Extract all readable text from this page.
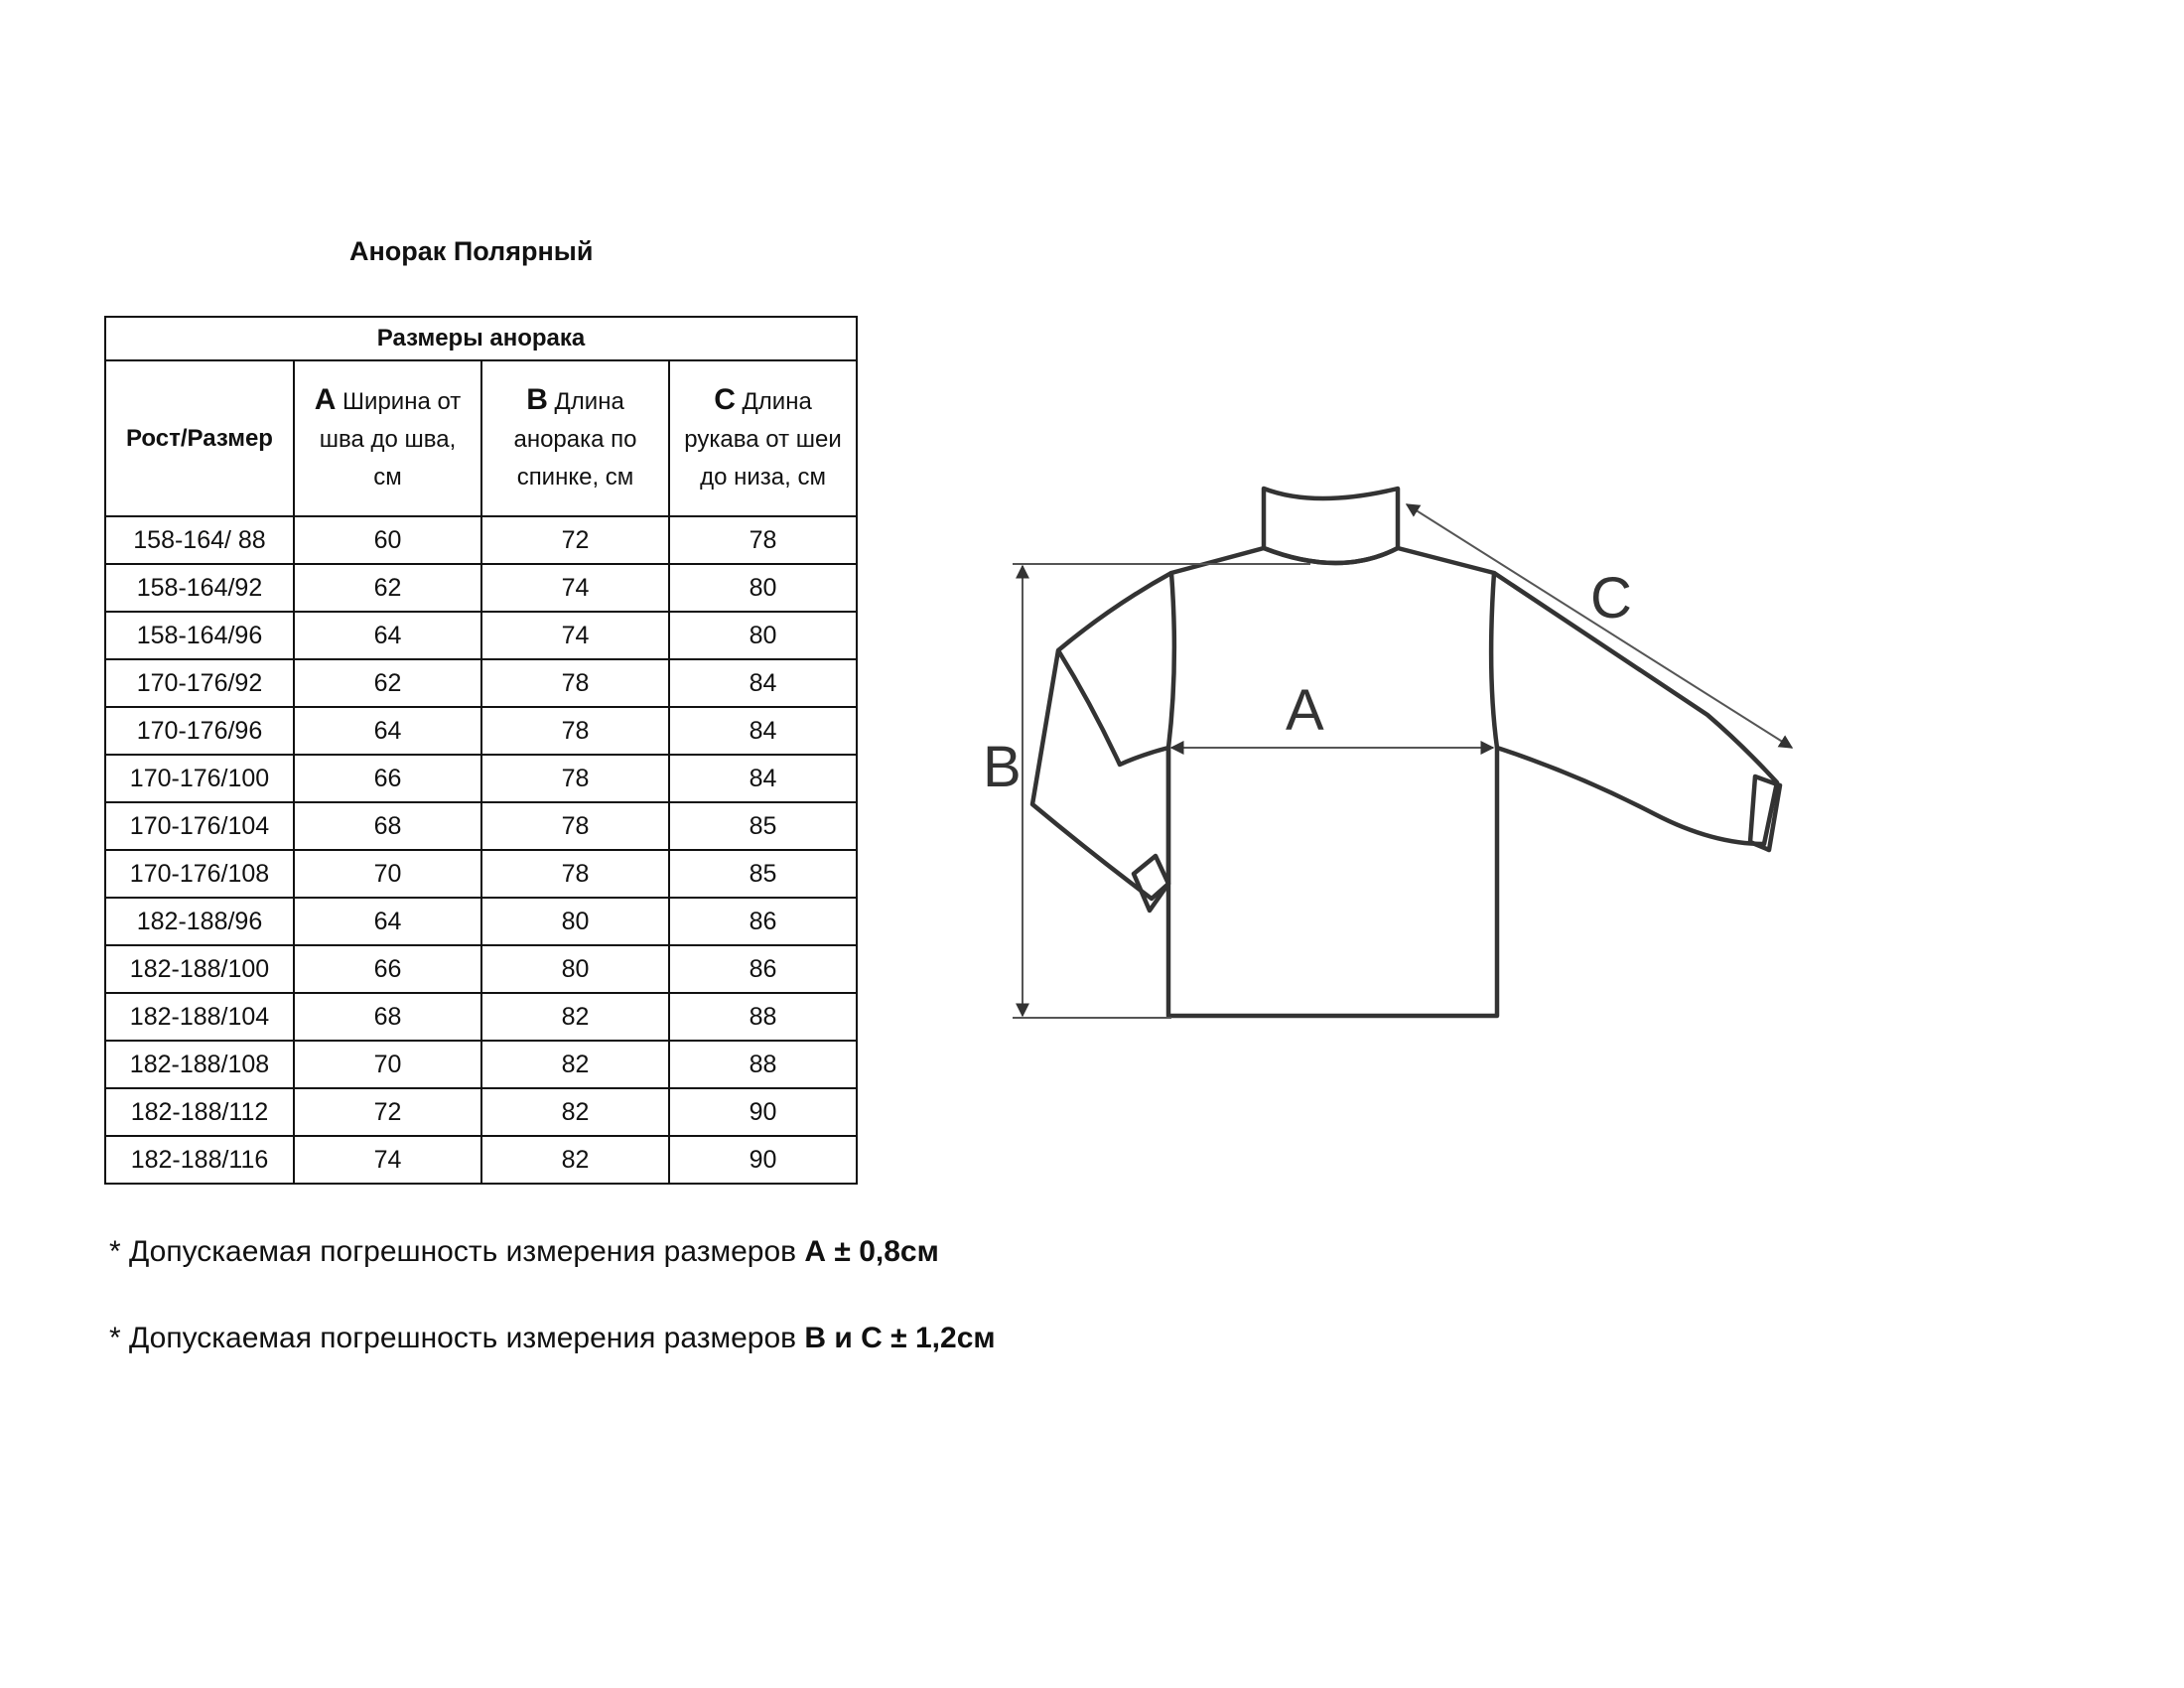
Анорак Полярный
Размеры анорака			
Рост/Размер	А Ширина от шва до шва, см	В Длина анорака по спинке, см	С Длина рукава от шеи до низа, см

158-164/ 88	60	72	78
158-164/92	62	74	80
158-164/96	64	74	80
170-176/92	62	78	84
170-176/96	64	78	84
170-176/100	66	78	84
170-176/104	68	78	85
170-176/108	70	78	85
182-188/96	64	80	86
182-188/100	66	80	86
182-188/104	68	82	88
182-188/108	70	82	88
182-188/112	72	82	90
182-188/116	74	82	90
* Допускаемая погрешность измерения размеров А ± 0,8см
* Допускаемая погрешность измерения размеров В и С ± 1,2см
B
A
C
